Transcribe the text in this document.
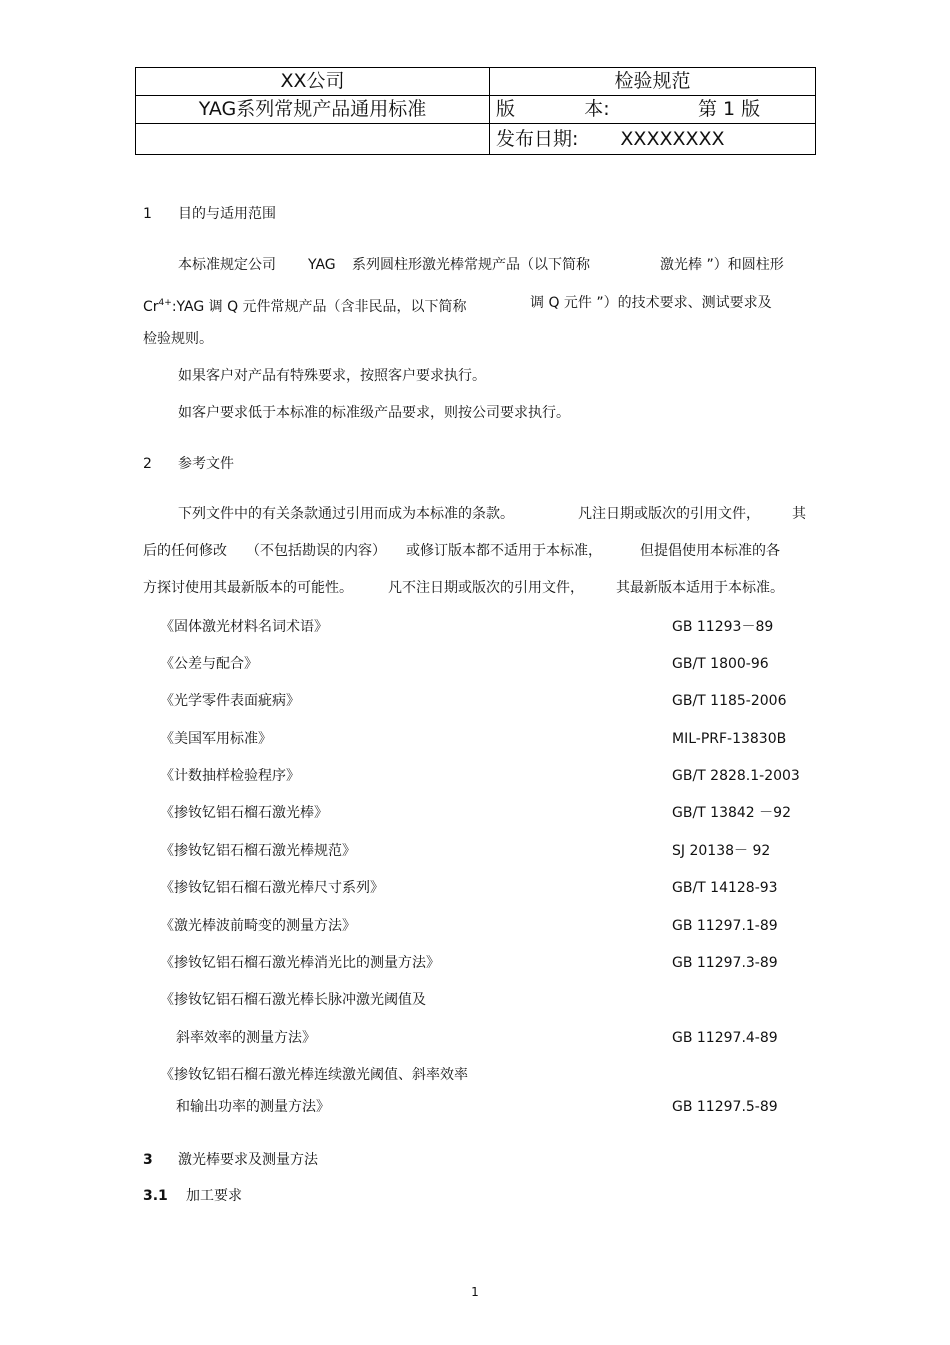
XX公司	检验规范
YAG系列常规产品通用标准	版 本: 第 1 版
	发布日期: XXXXXXXX
1 目的与适用范围
本标准规定公司 YAG 系列圆柱形激光棒常规产品（以下简称	激光棒 ”）和圆柱形
$Cr^{4+}:YAG$ 调 Q 元件常规产品（含非民品，以下简称	调 Q 元件 ”）的技术要求、测试要求及
检验规则。
如果客户对产品有特殊要求，按照客户要求执行。
如客户要求低于本标准的标准级产品要求，则按公司要求执行。
2 参考文件
下列文件中的有关条款通过引用而成为本标准的条款。	凡注日期或版次的引用文件， 其
后的任何修改 （不包括勘误的内容） 或修订版本都不适用于本标准，	但提倡使用本标准的各
方探讨使用其最新版本的可能性。	凡不注日期或版次的引用文件， 其最新版本适用于本标准。
《固体激光材料名词术语》	GB 11293－89
《公差与配合》	GB/T 1800-96
《光学零件表面疵病》	GB/T 1185-2006
《美国军用标准》	MIL-PRF-13830B
《计数抽样检验程序》	GB/T 2828.1-2003
《掺钕钇铝石榴石激光棒》	GB/T 13842 －92
《掺钕钇铝石榴石激光棒规范》	SJ 20138－ 92
《掺钕钇铝石榴石激光棒尺寸系列》	GB/T 14128-93
《激光棒波前畸变的测量方法》	GB 11297.1-89
《掺钕钇铝石榴石激光棒消光比的测量方法》	GB 11297.3-89
《掺钕钇铝石榴石激光棒长脉冲激光阈值及
斜率效率的测量方法》	GB 11297.4-89
《掺钕钇铝石榴石激光棒连续激光阈值、斜率效率
和输出功率的测量方法》	GB 11297.5-89
3 激光棒要求及测量方法
3.1 加工要求
1
